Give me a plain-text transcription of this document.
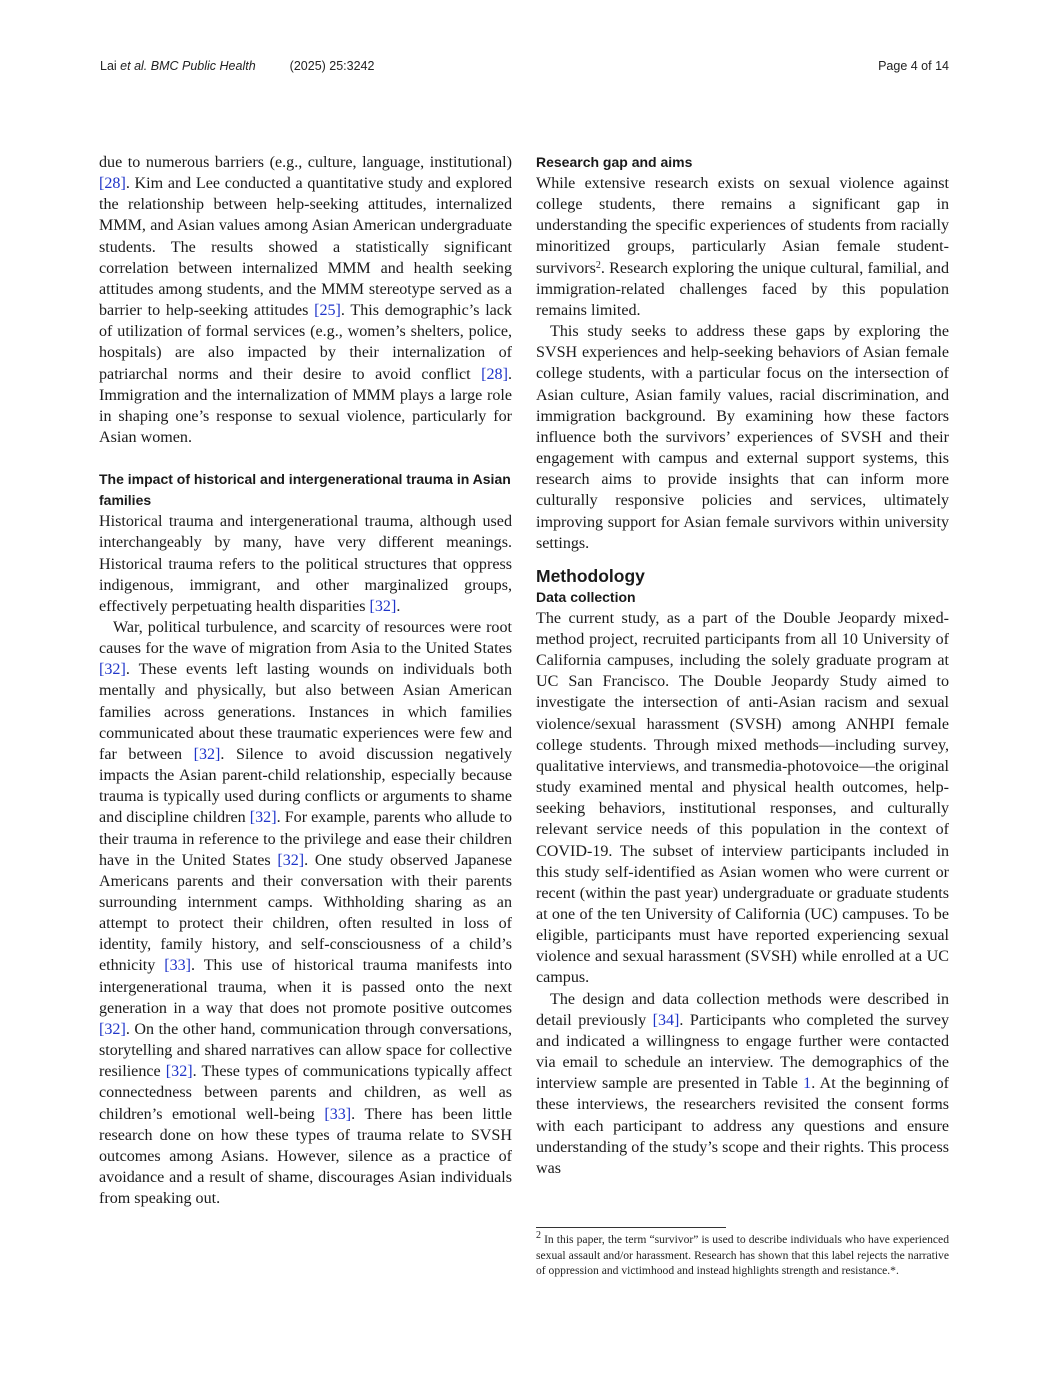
Lai et al. BMC Public Health	(2025) 25:3242	Page 4 of 14

due to numerous barriers (e.g., culture, language, institutional) [28]. Kim and Lee conducted a quantitative study and explored the relationship between help-seeking attitudes, internalized MMM, and Asian values among Asian American undergraduate students. The results showed a statistically significant correlation between internalized MMM and health seeking attitudes among students, and the MMM stereotype served as a barrier to help-seeking attitudes [25]. This demographic’s lack of utilization of formal services (e.g., women’s shelters, police, hospitals) are also impacted by their internalization of patriarchal norms and their desire to avoid conflict [28]. Immigration and the internalization of MMM plays a large role in shaping one’s response to sexual violence, particularly for Asian women.

The impact of historical and intergenerational trauma in Asian families

Historical trauma and intergenerational trauma, although used interchangeably by many, have very different meanings. Historical trauma refers to the political structures that oppress indigenous, immigrant, and other marginalized groups, effectively perpetuating health disparities [32].

War, political turbulence, and scarcity of resources were root causes for the wave of migration from Asia to the United States [32]. These events left lasting wounds on individuals both mentally and physically, but also between Asian American families across generations. Instances in which families communicated about these traumatic experiences were few and far between [32]. Silence to avoid discussion negatively impacts the Asian parent-child relationship, especially because trauma is typically used during conflicts or arguments to shame and discipline children [32]. For example, parents who allude to their trauma in reference to the privilege and ease their children have in the United States [32]. One study observed Japanese Americans parents and their conversation with their parents surrounding internment camps. Withholding sharing as an attempt to protect their children, often resulted in loss of identity, family history, and self-consciousness of a child’s ethnicity [33]. This use of historical trauma manifests into intergenerational trauma, when it is passed onto the next generation in a way that does not promote positive outcomes [32]. On the other hand, communication through conversations, storytelling and shared narratives can allow space for collective resilience [32]. These types of communications typically affect connectedness between parents and children, as well as children’s emotional well-being [33]. There has been little research done on how these types of trauma relate to SVSH outcomes among Asians. However, silence as a practice of avoidance and a result of shame, discourages Asian individuals from speaking out.

Research gap and aims

While extensive research exists on sexual violence against college students, there remains a significant gap in understanding the specific experiences of students from racially minoritized groups, particularly Asian female student-survivors$^2$. Research exploring the unique cultural, familial, and immigration-related challenges faced by this population remains limited.

This study seeks to address these gaps by exploring the SVSH experiences and help-seeking behaviors of Asian female college students, with a particular focus on the intersection of Asian culture, Asian family values, racial discrimination, and immigration background. By examining how these factors influence both the survivors’ experiences of SVSH and their engagement with campus and external support systems, this research aims to provide insights that can inform more culturally responsive policies and services, ultimately improving support for Asian female survivors within university settings.

Methodology
Data collection

The current study, as a part of the Double Jeopardy mixed-method project, recruited participants from all 10 University of California campuses, including the solely graduate program at UC San Francisco. The Double Jeopardy Study aimed to investigate the intersection of anti-Asian racism and sexual violence/sexual harassment (SVSH) among ANHPI female college students. Through mixed methods—including survey, qualitative interviews, and transmedia-photovoice—the original study examined mental and physical health outcomes, help-seeking behaviors, institutional responses, and culturally relevant service needs of this population in the context of COVID-19. The subset of interview participants included in this study self-identified as Asian women who were current or recent (within the past year) undergraduate or graduate students at one of the ten University of California (UC) campuses. To be eligible, participants must have reported experiencing sexual violence and sexual harassment (SVSH) while enrolled at a UC campus.

The design and data collection methods were described in detail previously [34]. Participants who completed the survey and indicated a willingness to engage further were contacted via email to schedule an interview. The demographics of the interview sample are presented in Table 1. At the beginning of these interviews, the researchers revisited the consent forms with each participant to address any questions and ensure understanding of the study’s scope and their rights. This process was

$^2$ In this paper, the term “survivor” is used to describe individuals who have experienced sexual assault and/or harassment. Research has shown that this label rejects the narrative of oppression and victimhood and instead highlights strength and resistance.*.
